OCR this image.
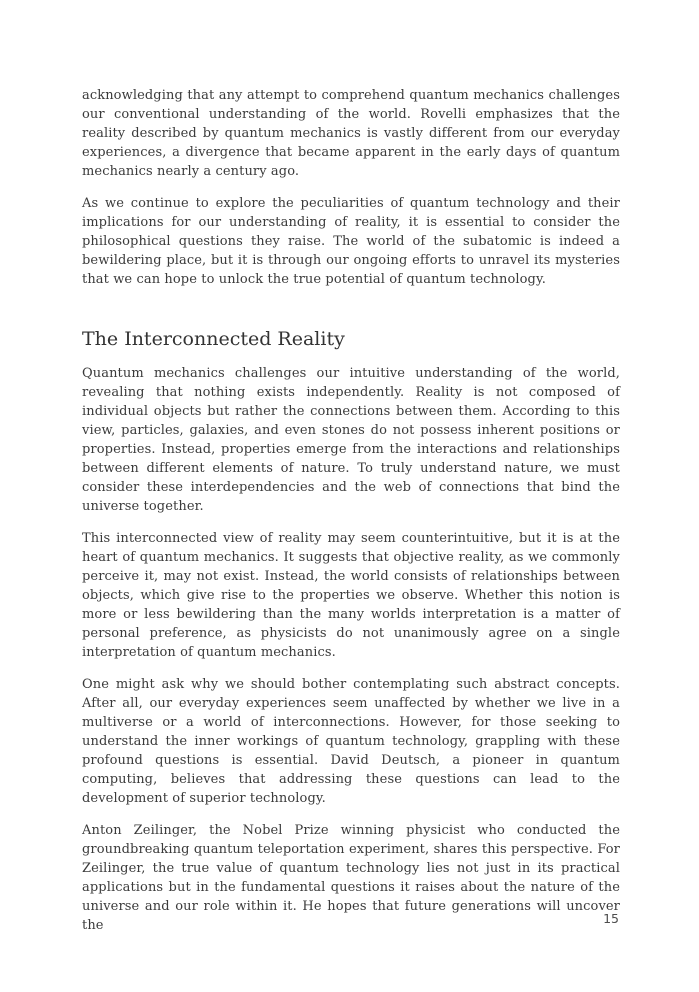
acknowledging that any attempt to comprehend quantum mechanics challenges our conventional understanding of the world. Rovelli emphasizes that the reality described by quantum mechanics is vastly different from our everyday experiences, a divergence that became apparent in the early days of quantum mechanics nearly a century ago.

As we continue to explore the peculiarities of quantum technology and their implications for our understanding of reality, it is essential to consider the philosophical questions they raise. The world of the subatomic is indeed a bewildering place, but it is through our ongoing efforts to unravel its mysteries that we can hope to unlock the true potential of quantum technology.

The Interconnected Reality

Quantum mechanics challenges our intuitive understanding of the world, revealing that nothing exists independently. Reality is not composed of individual objects but rather the connections between them. According to this view, particles, galaxies, and even stones do not possess inherent positions or properties. Instead, properties emerge from the interactions and relationships between different elements of nature. To truly understand nature, we must consider these interdependencies and the web of connections that bind the universe together.

This interconnected view of reality may seem counterintuitive, but it is at the heart of quantum mechanics. It suggests that objective reality, as we commonly perceive it, may not exist. Instead, the world consists of relationships between objects, which give rise to the properties we observe. Whether this notion is more or less bewildering than the many worlds interpretation is a matter of personal preference, as physicists do not unanimously agree on a single interpretation of quantum mechanics.

One might ask why we should bother contemplating such abstract concepts. After all, our everyday experiences seem unaffected by whether we live in a multiverse or a world of interconnections. However, for those seeking to understand the inner workings of quantum technology, grappling with these profound questions is essential. David Deutsch, a pioneer in quantum computing, believes that addressing these questions can lead to the development of superior technology.

Anton Zeilinger, the Nobel Prize winning physicist who conducted the groundbreaking quantum teleportation experiment, shares this perspective. For Zeilinger, the true value of quantum technology lies not just in its practical applications but in the fundamental questions it raises about the nature of the universe and our role within it. He hopes that future generations will uncover the	15
